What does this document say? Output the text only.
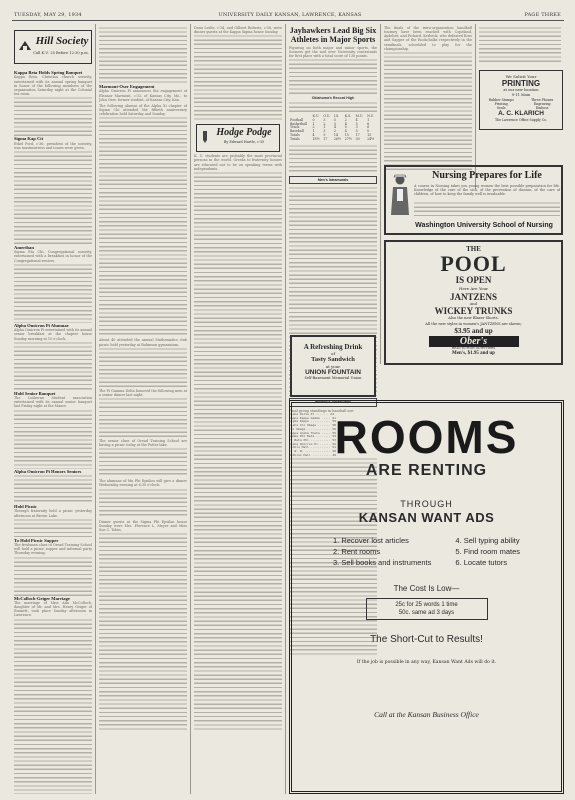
TUESDAY, MAY 29, 1934	UNIVERSITY DAILY KANSAN, LAWRENCE, KANSAS	PAGE THREE
Hill Society
Call K.U. 25 Before 12:30 p.m.
Kappa Beta Holds Spring Banquet
Kappa Beta, Christian church sorority, entertained with its annual spring banquet in honor of the following members of the organization Saturday night at the Colonial tea room.
Sigma Kap Cit
Ethel Ford, c'36, president of the sorority, was toastmistress and toasts were given.
Ameriban
Sigma Eta Chi, Congregational sorority, entertained with a breakfast in honor of the Congregational seniors.
Alpha Omicron Pi Alumnae
Alpha Omicron Pi entertained with its annual senior breakfast at the chapter house Sunday morning at 10 o'clock.
Hold Senior Banquet
The Lutheran Student association entertained with its annual senior banquet last Friday night at the Manor.
Alpha Omicron Pi Honors Seniors
Hold Picnic
Through fraternity held a picnic yesterday afternoon at Brown Lake.
To Hold Picnic Supper
The freshmen class of Oread Training School will hold a picnic supper and informal party Thursday evening.
McColloch-Geiger Marriage
The marriage of Miss Ada McColloch, daughter of Mr. and Mrs. Henry Geiger of Emmett, took place Sunday afternoon in Lawrence.
Marmont-Oser Engagement
Alpha Omicron Pi announces the engagement of Eleanor Marmont, c'33, of Kansas City, Mo., to John Oser, former student, of Kansas City, Kan.
The following alumni of the Alpha Xi chapter of Sigma Chi attended the fiftieth anniversary celebration held Saturday and Sunday.
About 40 attended the annual Mathematics club picnic held yesterday at Robinson gymnasium.
The Pi Gamma Delta honored the following men at a senior dinner last night.
The senior class of Oread Training School are having a picnic today at the Potter lake.
The alumnae of Mu Phi Epsilon will give a dinner Wednesday evening at 6:30 o'clock.
Dinner guests at the Sigma Phi Epsilon house Sunday were Mrs. Florence L. Meyer and Miss Sue C. Tobin.
Dean Leslie, c'34, and Gilbert Roberts, c'36, were dinner guests at the Kappa Sigma house Sunday.
Hodge Podge
By Edward Hartle, c'35
K. U. students are probably the most provincial persons in the world. Greeks to fraternity houses are educated not to be on speaking terms with independents.
Jayhawkers Lead Big Six Athletes in Major Sports
Figuring on both major and minor sports, the Sooners get the nod over University contestants for first place with a total score of 138 points.
Oklahoma's Record High
	K.U.	O.U.	I.S.	K.S.	M.U.	N.U.
Football	0	3	5	2	4	1
Basketball	1	2	3	4	5	6
Track	2	1	4	5	3	6
Baseball	1	3	2	4	5	0
Totals	4	9	14	15	17	13
Totals	18½	17	26½	27½	30	24½
Men's Intramurals
Women's Intramurals
Final group standings in baseball are:
Alpha Delta Pi ....... 62
Kappa Kappa Gamma ..... 61
Sigma Kappa ........... 59
Alpha Chi Omega ....... 58
Chi Omega ............. 56
Kappa Alpha Theta ..... 55
Gamma Phi Beta ........ 54
Pi Beta Phi ........... 53
Alpha Omicron Pi ...... 52
Corbin Hall ........... 51
I. W. W. .............. 50
Watkins Hall .......... 49
A Refreshing Drink
of
Tasty Sandwich
at your
UNION FOUNTAIN
Self-Basement Memorial Union
The finals of the intra-organization handball tourney have been reached with Copeland, Aydelott, and Pickard. Kerbeck, who defeated Ross and Sapper of the Rockchalks respectively in the semifinals, scheduled to play for the championship.
We Solicit Your
PRINTING
at our new location
9-11 Main
Rubber Stamps
Printing
Seals
Three Phones
Engraving
Emboss
A. C. KLARICH
The Lawrence Office Supply Co.
Nursing Prepares for Life
A course in Nursing takes you young women the best possible preparation for life. Knowledge of the care of the sick, of the prevention of disease, of the care of children, of how to keep the family well is invaluable.
Washington University School of Nursing
THE
POOL
IS OPEN
Here Are Your
JANTZENS
and
WICKEY TRUNKS
Also the new Blazer Shorts.
All the new styles in women's JANTZENS are shown;
$3.95 and up
Ober's
HEAD TO FOOT OUTFITTERS
Men's, $1.95 and up
ROOMS
ARE RENTING
THROUGH
KANSAN WANT ADS
1. Recover lost articles
2. Rent rooms
3. Sell books and instruments
4. Sell typing ability
5. Find room mates
6. Locate tutors
The Cost Is Low—
25c for 25 words 1 time
50c. same ad 3 days
The Short-Cut to Results!
If the job is possible in any way, Kansan Want Ads will do it.
Call at the Kansan Business Office
